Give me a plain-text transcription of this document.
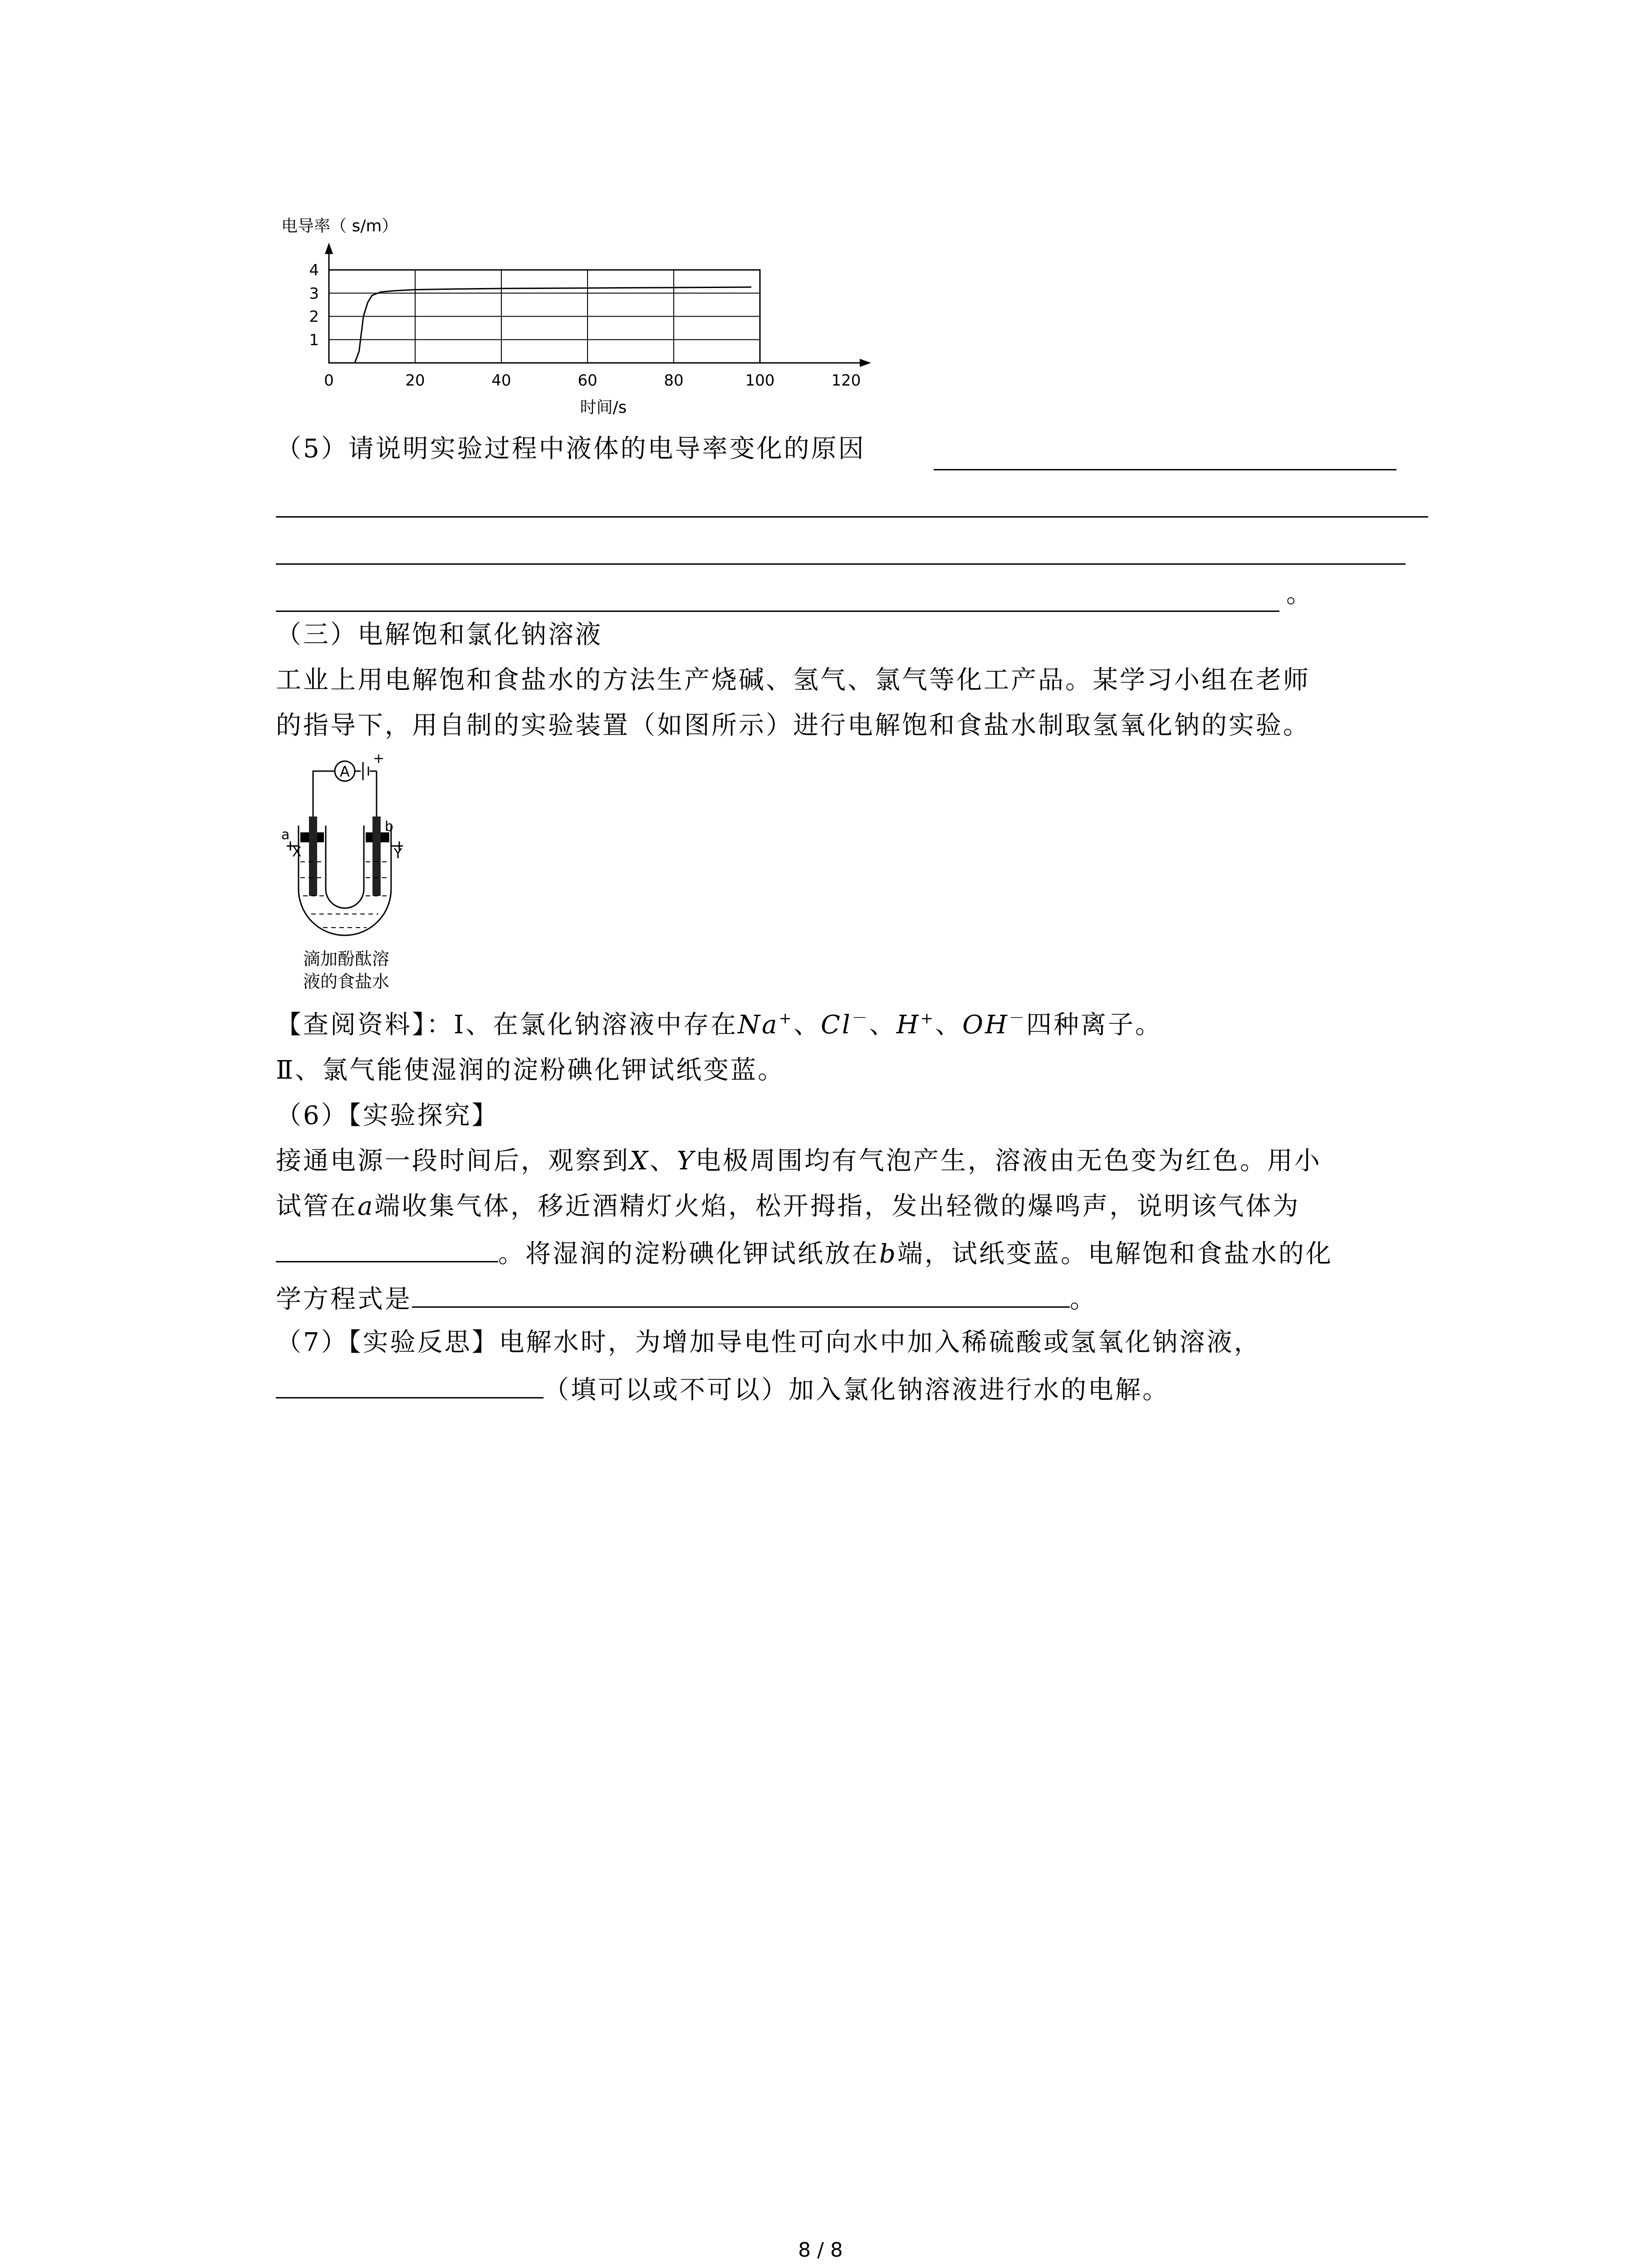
电导率（ s/m）
时间/s
0	20	40	60	80	100	120
1
2
3
4
（5）请说明实验过程中液体的电导率变化的原因
。
（三）电解饱和氯化钠溶液
工业上用电解饱和食盐水的方法生产烧碱、氢气、氯气等化工产品。某学习小组在老师
的指导下，用自制的实验装置（如图所示）进行电解饱和食盐水制取氢氧化钠的实验。
A
+
a
b
X	Y
滴加酚酞溶
液的食盐水
【查阅资料】：Ⅰ、在氯化钠溶液中存在Na+、Cl－、H+、OH－四种离子。
Ⅱ、氯气能使湿润的淀粉碘化钾试纸变蓝。
（6）【实验探究】
接通电源一段时间后，观察到X、Y电极周围均有气泡产生，溶液由无色变为红色。用小
试管在a端收集气体，移近酒精灯火焰，松开拇指，发出轻微的爆鸣声，说明该气体为
。将湿润的淀粉碘化钾试纸放在b端，试纸变蓝。电解饱和食盐水的化
学方程式是	。
（7）【实验反思】电解水时，为增加导电性可向水中加入稀硫酸或氢氧化钠溶液，
（填可以或不可以）加入氯化钠溶液进行水的电解。
8 / 8
